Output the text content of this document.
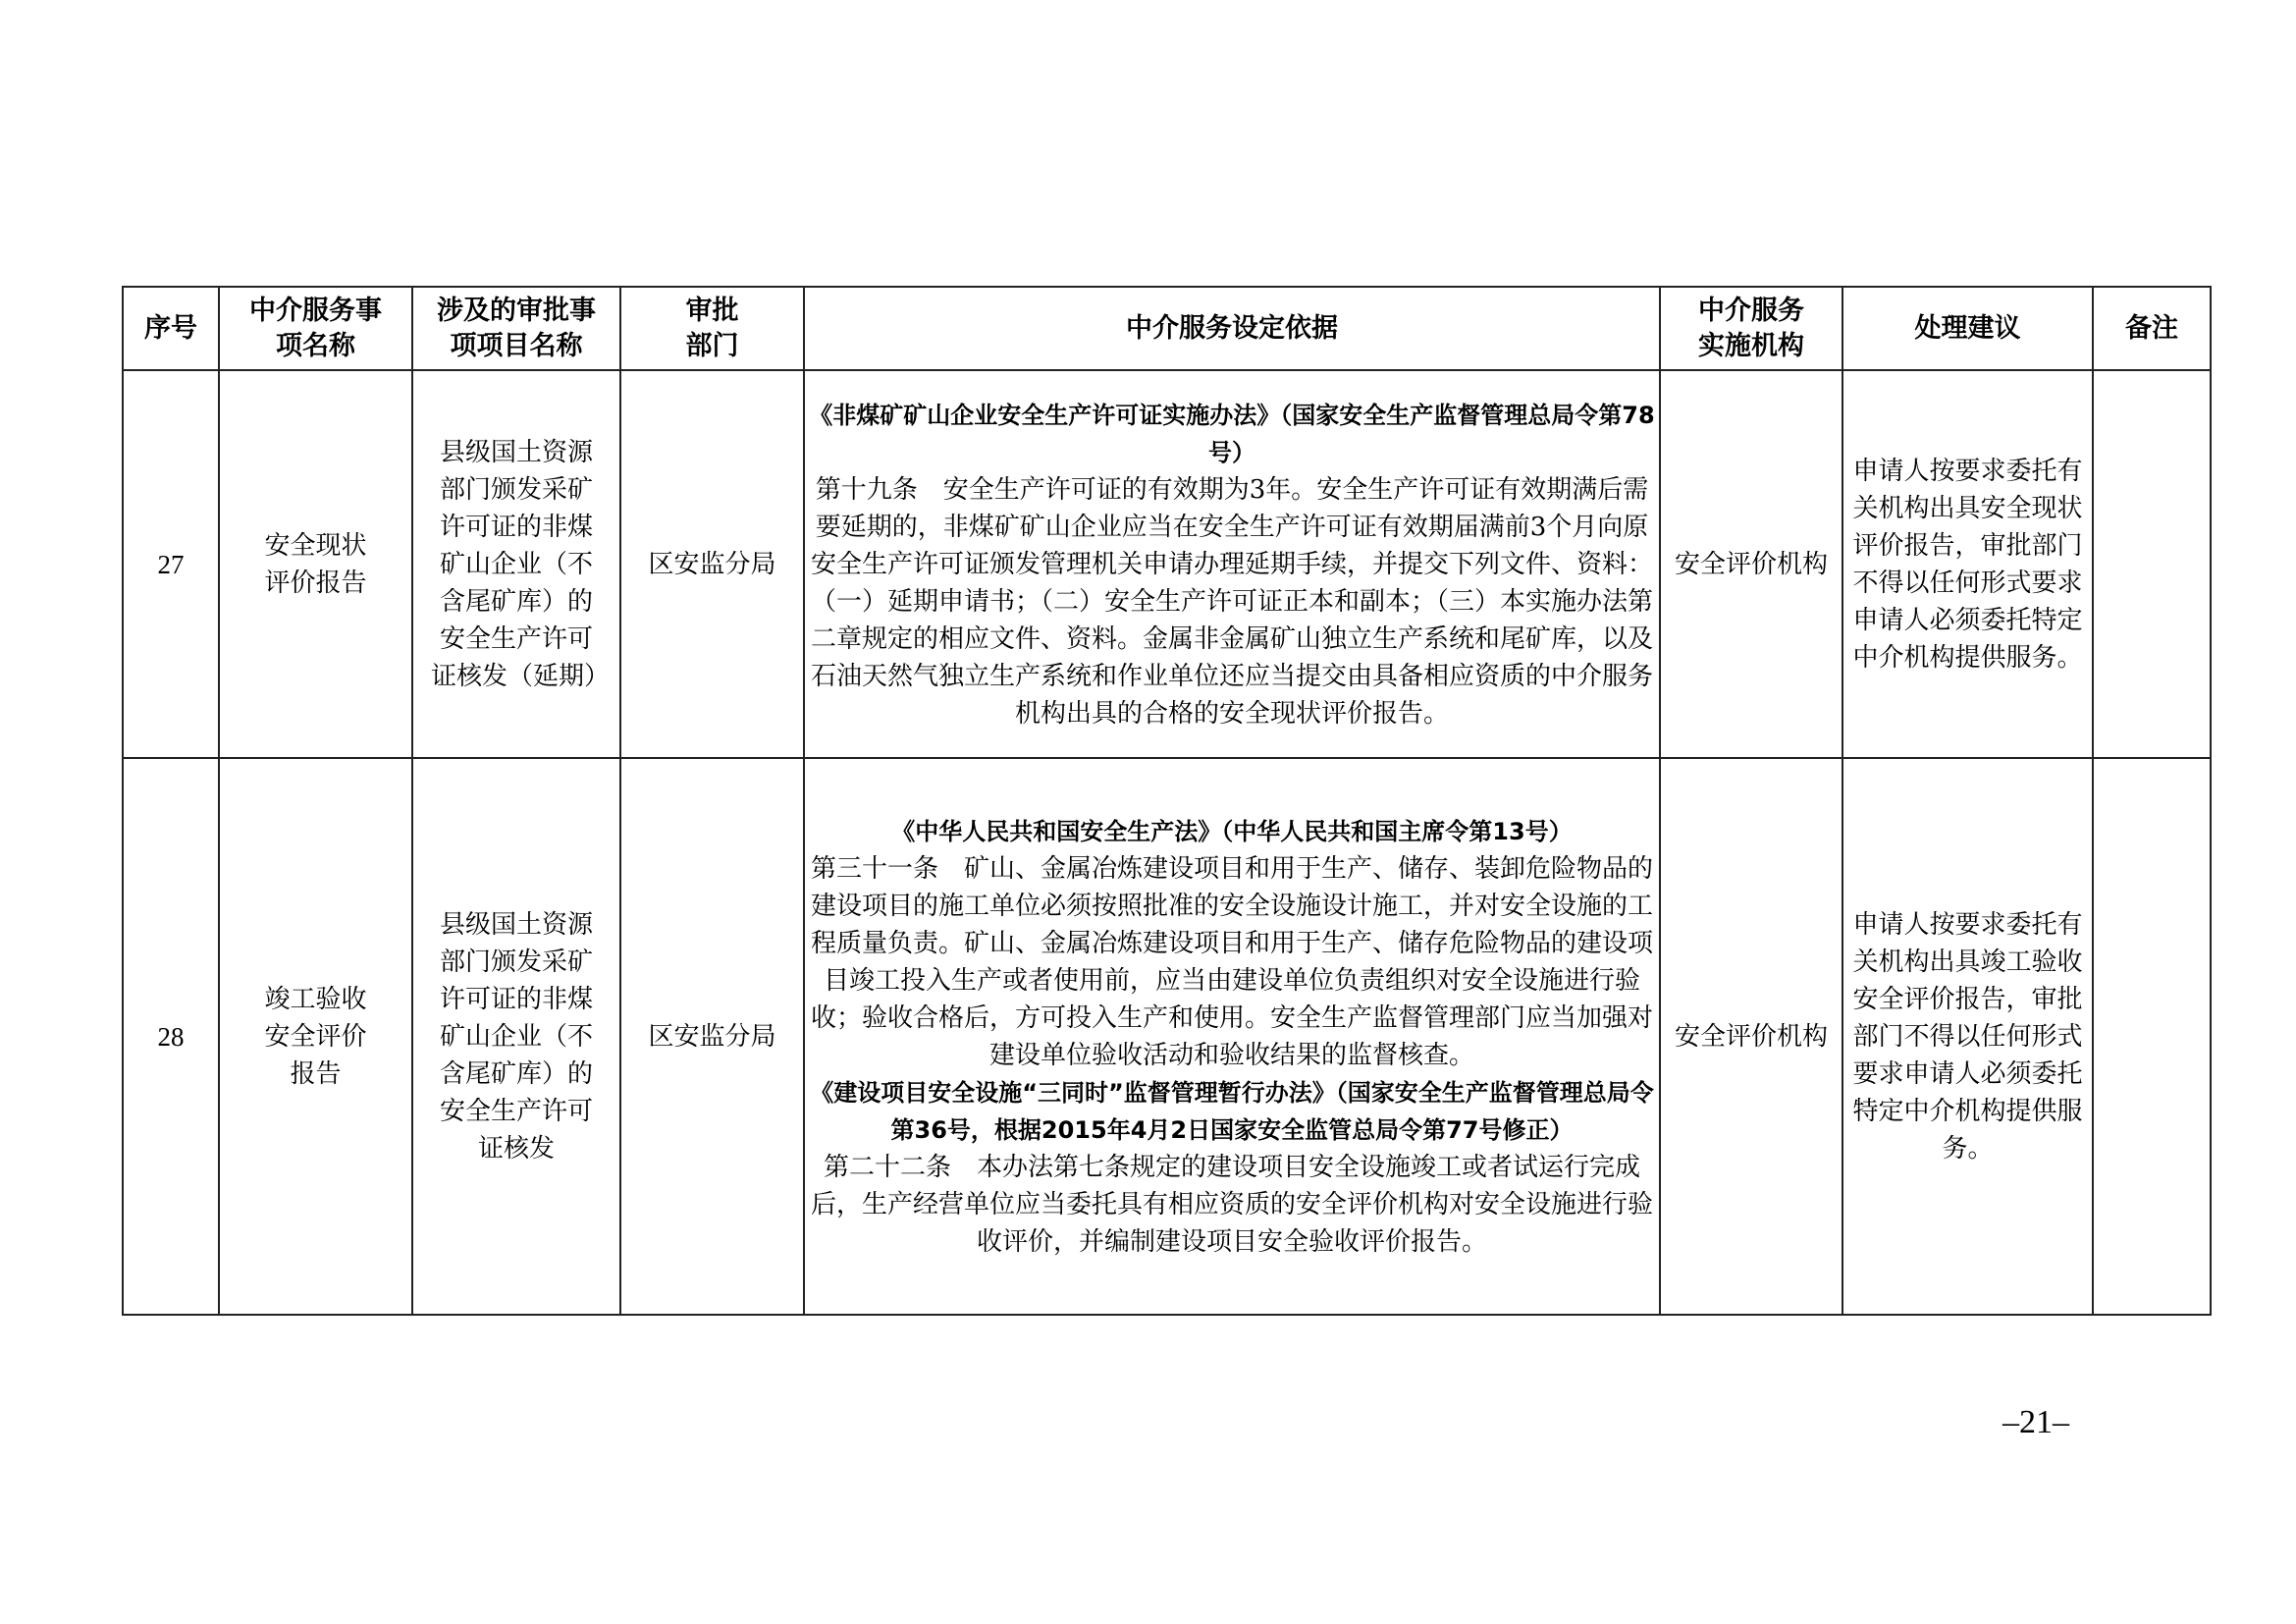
序号	中介服务事项名称	涉及的审批事项项目名称	审批部门	中介服务设定依据	中介服务实施机构	处理建议	备注
27	安全现状评价报告	县级国土资源部门颁发采矿许可证的非煤矿山企业（不含尾矿库）的安全生产许可证核发（延期）	区安监分局	《非煤矿矿山企业安全生产许可证实施办法》（国家安全生产监督管理总局令第78号）
第十九条　安全生产许可证的有效期为3年。安全生产许可证有效期满后需要延期的，非煤矿矿山企业应当在安全生产许可证有效期届满前3个月向原安全生产许可证颁发管理机关申请办理延期手续，并提交下列文件、资料：（一）延期申请书；（二）安全生产许可证正本和副本；（三）本实施办法第二章规定的相应文件、资料。金属非金属矿山独立生产系统和尾矿库，以及石油天然气独立生产系统和作业单位还应当提交由具备相应资质的中介服务机构出具的合格的安全现状评价报告。	安全评价机构	申请人按要求委托有关机构出具安全现状评价报告，审批部门不得以任何形式要求申请人必须委托特定中介机构提供服务。	
28	竣工验收安全评价报告	县级国土资源部门颁发采矿许可证的非煤矿山企业（不含尾矿库）的安全生产许可证核发	区安监分局	《中华人民共和国安全生产法》（中华人民共和国主席令第13号）
第三十一条　矿山、金属冶炼建设项目和用于生产、储存、装卸危险物品的建设项目的施工单位必须按照批准的安全设施设计施工，并对安全设施的工程质量负责。矿山、金属冶炼建设项目和用于生产、储存危险物品的建设项目竣工投入生产或者使用前，应当由建设单位负责组织对安全设施进行验收；验收合格后，方可投入生产和使用。安全生产监督管理部门应当加强对建设单位验收活动和验收结果的监督核查。
《建设项目安全设施“三同时”监督管理暂行办法》（国家安全生产监督管理总局令第36号，根据2015年4月2日国家安全监管总局令第77号修正）
第二十二条　本办法第七条规定的建设项目安全设施竣工或者试运行完成后，生产经营单位应当委托具有相应资质的安全评价机构对安全设施进行验收评价，并编制建设项目安全验收评价报告。	安全评价机构	申请人按要求委托有关机构出具竣工验收安全评价报告，审批部门不得以任何形式要求申请人必须委托特定中介机构提供服务。	
–21–
